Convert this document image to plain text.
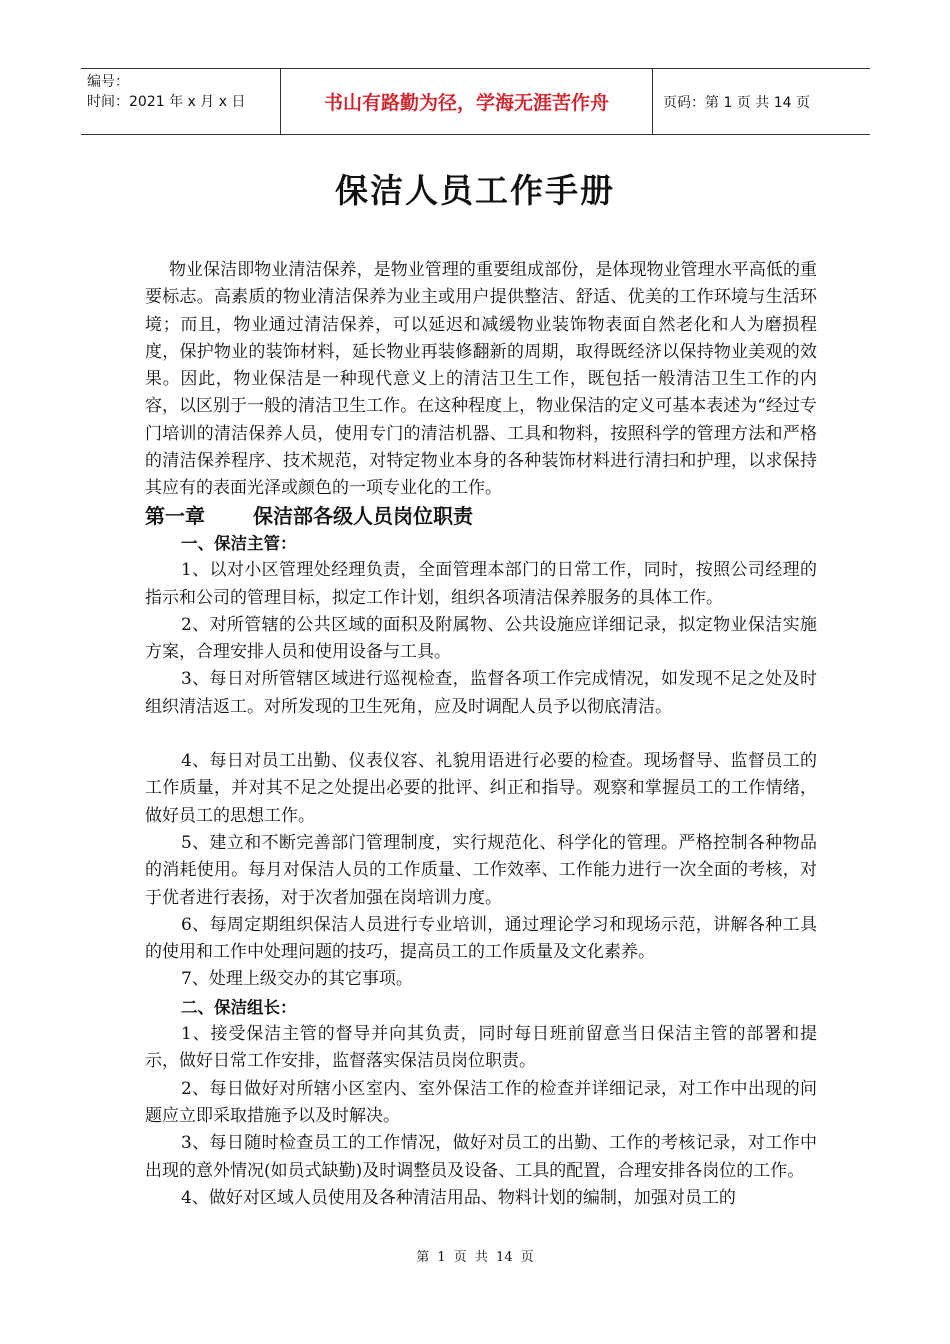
编号：
时间：2021 年 x 月 x 日	书山有路勤为径，学海无涯苦作舟	页码：第 1 页 共 14 页
保洁人员工作手册

物业保洁即物业清洁保养，是物业管理的重要组成部份，是体现物业管理水平高低的重要标志。高素质的物业清洁保养为业主或用户提供整洁、舒适、优美的工作环境与生活环境；而且，物业通过清洁保养，可以延迟和减缓物业装饰物表面自然老化和人为磨损程度，保护物业的装饰材料，延长物业再装修翻新的周期，取得既经济以保持物业美观的效果。因此，物业保洁是一种现代意义上的清洁卫生工作，既包括一般清洁卫生工作的内容，以区别于一般的清洁卫生工作。在这种程度上，物业保洁的定义可基本表述为“经过专门培训的清洁保养人员，使用专门的清洁机器、工具和物料，按照科学的管理方法和严格的清洁保养程序、技术规范，对特定物业本身的各种装饰材料进行清扫和护理，以求保持其应有的表面光泽或颜色的一项专业化的工作。

第一章 保洁部各级人员岗位职责

一、保洁主管：

1、以对小区管理处经理负责，全面管理本部门的日常工作，同时，按照公司经理的指示和公司的管理目标，拟定工作计划，组织各项清洁保养服务的具体工作。

2、对所管辖的公共区域的面积及附属物、公共设施应详细记录，拟定物业保洁实施方案，合理安排人员和使用设备与工具。

3、每日对所管辖区域进行巡视检查，监督各项工作完成情况，如发现不足之处及时组织清洁返工。对所发现的卫生死角，应及时调配人员予以彻底清洁。

4、每日对员工出勤、仪表仪容、礼貌用语进行必要的检查。现场督导、监督员工的工作质量，并对其不足之处提出必要的批评、纠正和指导。观察和掌握员工的工作情绪，做好员工的思想工作。

5、建立和不断完善部门管理制度，实行规范化、科学化的管理。严格控制各种物品的消耗使用。每月对保洁人员的工作质量、工作效率、工作能力进行一次全面的考核，对于优者进行表扬，对于次者加强在岗培训力度。

6、每周定期组织保洁人员进行专业培训，通过理论学习和现场示范，讲解各种工具的使用和工作中处理问题的技巧，提高员工的工作质量及文化素养。

7、处理上级交办的其它事项。

二、保洁组长：

1、接受保洁主管的督导并向其负责，同时每日班前留意当日保洁主管的部署和提示，做好日常工作安排，监督落实保洁员岗位职责。

2、每日做好对所辖小区室内、室外保洁工作的检查并详细记录，对工作中出现的问题应立即采取措施予以及时解决。

3、每日随时检查员工的工作情况，做好对员工的出勤、工作的考核记录，对工作中出现的意外情况(如员式缺勤)及时调整员及设备、工具的配置，合理安排各岗位的工作。

4、做好对区域人员使用及各种清洁用品、物料计划的编制，加强对员工的

第 1 页 共 14 页
